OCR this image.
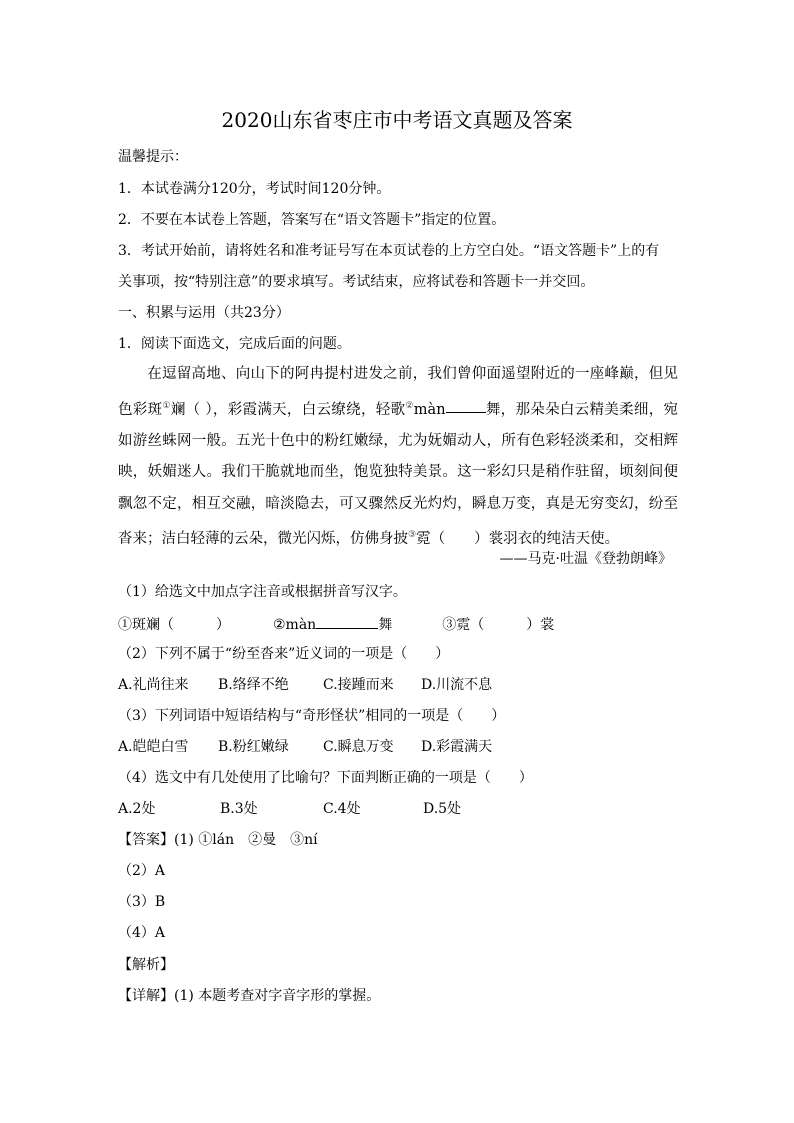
2020山东省枣庄市中考语文真题及答案
温馨提示：
1．本试卷满分120分，考试时间120分钟。
2．不要在本试卷上答题，答案写在“语文答题卡”指定的位置。
3．考试开始前，请将姓名和准考证号写在本页试卷的上方空白处。“语文答题卡”上的有
关事项，按“特别注意”的要求填写。考试结束，应将试卷和答题卡一并交回。
一、积累与运用（共23分）
1．阅读下面选文，完成后面的问题。
在逗留高地、向山下的阿冉提村进发之前，我们曾仰面遥望附近的一座峰巅，但见色彩斑①斓（ ），彩霞满天，白云缭绕，轻歌②màn	舞，那朵朵白云精美柔细，宛如游丝蛛网一般。五光十色中的粉红嫩绿，尤为妩媚动人，所有色彩轻淡柔和，交相辉映，妖媚迷人。我们干脆就地而坐，饱览独特美景。这一彩幻只是稍作驻留，顷刻间便飘忽不定，相互交融，暗淡隐去，可又骤然反光灼灼，瞬息万变，真是无穷变幻，纷至沓来；洁白轻薄的云朵，微光闪烁，仿佛身披③霓（　　）裳羽衣的纯洁天使。
——马克·吐温《登勃朗峰》
（1）给选文中加点字注音或根据拼音写汉字。
①斑斓（　　　）	②màn	舞	③霓（　　　）裳
（2）下列不属于“纷至沓来”近义词的一项是（　　）
A.礼尚往来 B.络绎不绝 C.接踵而来 D.川流不息
（3）下列词语中短语结构与“奇形怪状”相同的一项是（　　）
A.皑皑白雪 B.粉红嫩绿 C.瞬息万变 D.彩霞满天
（4）选文中有几处使用了比喻句？下面判断正确的一项是（　　）
A.2处	B.3处	C.4处	D.5处
【答案】(1) ①lán　②曼　③ní
（2）A
（3）B
（4）A
【解析】
【详解】(1) 本题考查对字音字形的掌握。
